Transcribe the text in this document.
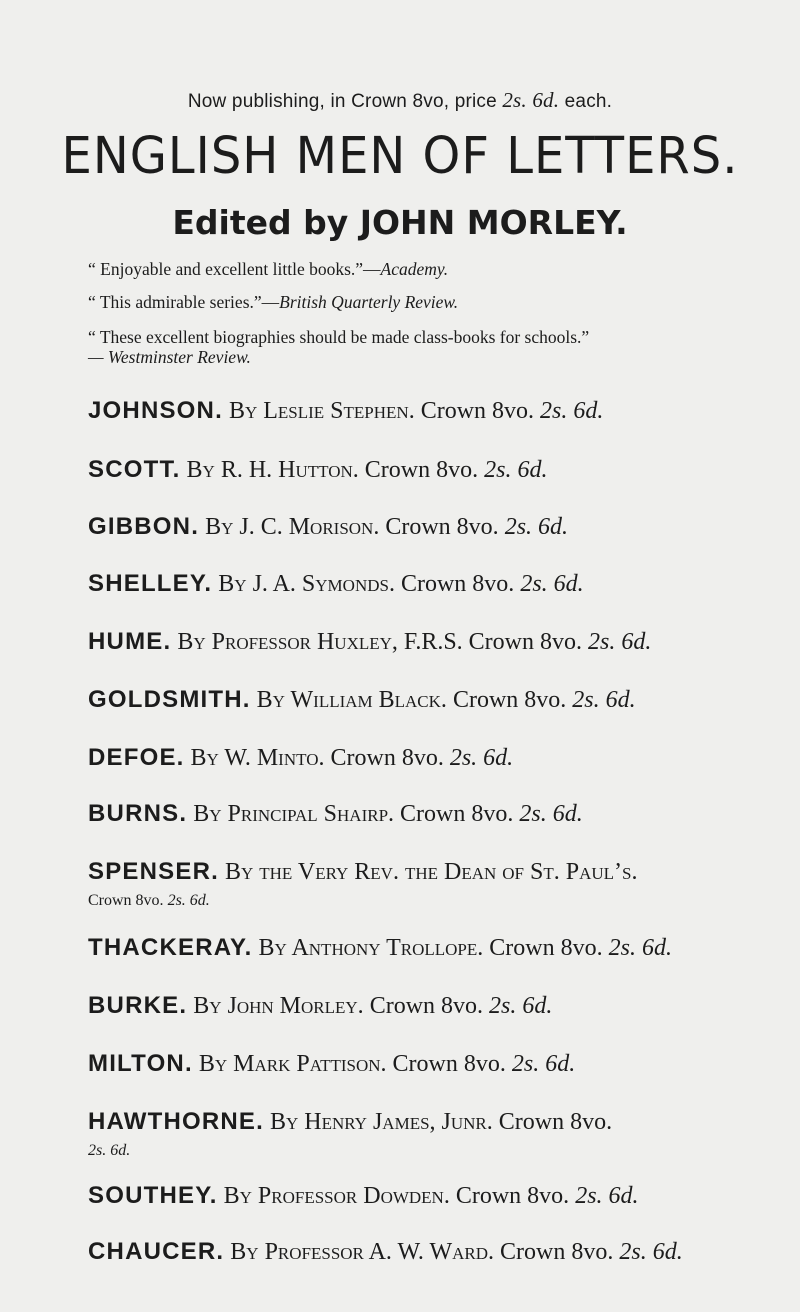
Now publishing, in Crown 8vo, price 2s. 6d. each.
ENGLISH MEN OF LETTERS.
Edited by JOHN MORLEY.
“ Enjoyable and excellent little books.”—Academy.
“ This admirable series.”—British Quarterly Review.
“ These excellent biographies should be made class-books for schools.”
— Westminster Review.
JOHNSON. By Leslie Stephen. Crown 8vo. 2s. 6d.
SCOTT. By R. H. Hutton. Crown 8vo. 2s. 6d.
GIBBON. By J. C. Morison. Crown 8vo. 2s. 6d.
SHELLEY. By J. A. Symonds. Crown 8vo. 2s. 6d.
HUME. By Professor Huxley, F.R.S. Crown 8vo. 2s. 6d.
GOLDSMITH. By William Black. Crown 8vo. 2s. 6d.
DEFOE. By W. Minto. Crown 8vo. 2s. 6d.
BURNS. By Principal Shairp. Crown 8vo. 2s. 6d.
SPENSER. By the Very Rev. the Dean of St. Paul’s.
Crown 8vo. 2s. 6d.
THACKERAY. By Anthony Trollope. Crown 8vo. 2s. 6d.
BURKE. By John Morley. Crown 8vo. 2s. 6d.
MILTON. By Mark Pattison. Crown 8vo. 2s. 6d.
HAWTHORNE. By Henry James, Junr. Crown 8vo.
2s. 6d.
SOUTHEY. By Professor Dowden. Crown 8vo. 2s. 6d.
CHAUCER. By Professor A. W. Ward. Crown 8vo. 2s. 6d.
